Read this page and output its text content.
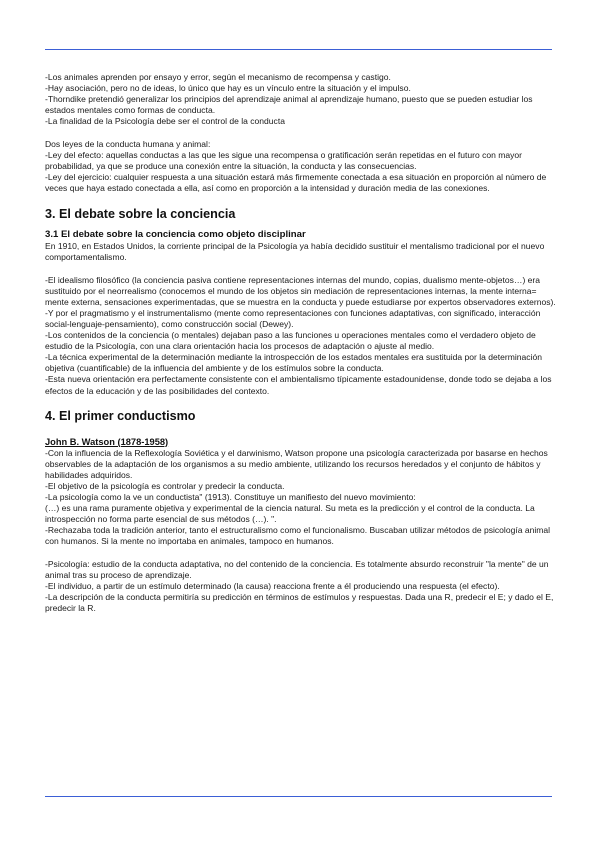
-Los animales aprenden por ensayo y error, según el mecanismo de recompensa y castigo.

-Hay asociación, pero no de ideas, lo único que hay es un vínculo entre la situación y el impulso.

-Thorndike pretendió generalizar los principios del aprendizaje animal al aprendizaje humano, puesto que se pueden estudiar los estados mentales como formas de conducta.

-La finalidad de la Psicología debe ser el control de la conducta

Dos leyes de la conducta humana y animal:

-Ley del efecto: aquellas conductas a las que les sigue una recompensa o gratificación serán repetidas en el futuro con mayor probabilidad, ya que se produce una conexión entre la situación, la conducta y las consecuencias.

-Ley del ejercicio: cualquier respuesta a una situación estará más firmemente conectada a esa situación en proporción al número de veces que haya estado conectada a ella, así como en proporción a la intensidad y duración media de las conexiones.

3. El debate sobre la conciencia
3.1 El debate sobre la conciencia como objeto disciplinar

En 1910, en Estados Unidos, la corriente principal de la Psicología ya había decidido sustituir el mentalismo tradicional por el nuevo comportamentalismo.

-El idealismo filosófico (la conciencia pasiva contiene representaciones internas del mundo, copias, dualismo mente-objetos…) era sustituido por el neorrealismo (conocemos el mundo de los objetos sin mediación de representaciones internas, la mente interna= mente externa, sensaciones experimentadas, que se muestra en la conducta y puede estudiarse por expertos observadores externos).

-Y por el pragmatismo y el instrumentalismo (mente como representaciones con funciones adaptativas, con significado, interacción social-lenguaje-pensamiento), como construcción social (Dewey).

-Los contenidos de la conciencia (o mentales) dejaban paso a las funciones u operaciones mentales como el verdadero objeto de estudio de la Psicología, con una clara orientación hacia los procesos de adaptación o ajuste al medio.

-La técnica experimental de la determinación mediante la introspección de los estados mentales era sustituida por la determinación objetiva (cuantificable) de la influencia del ambiente y de los estímulos sobre la conducta.

-Esta nueva orientación era perfectamente consistente con el ambientalismo típicamente estadounidense, donde todo se dejaba a los efectos de la educación y de las posibilidades del contexto.

4. El primer conductismo
John B. Watson (1878-1958)

-Con la influencia de la Reflexología Soviética y el darwinismo, Watson propone una psicología caracterizada por basarse en hechos observables de la adaptación de los organismos a su medio ambiente, utilizando los recursos heredados y el conjunto de hábitos y habilidades adquiridos.

-El objetivo de la psicología es controlar y predecir la conducta.

-La psicología como la ve un conductista" (1913). Constituye un manifiesto del nuevo movimiento:

(…) es una rama puramente objetiva y experimental de la ciencia natural. Su meta es la predicción y el control de la conducta. La introspección no forma parte esencial de sus métodos (…). ".

-Rechazaba toda la tradición anterior, tanto el estructuralismo como el funcionalismo. Buscaban utilizar métodos de psicología animal con humanos. Si la mente no importaba en animales, tampoco en humanos.

-Psicología: estudio de la conducta adaptativa, no del contenido de la conciencia. Es totalmente absurdo reconstruir "la mente" de un animal tras su proceso de aprendizaje.

-El individuo, a partir de un estímulo determinado (la causa) reacciona frente a él produciendo una respuesta (el efecto).

-La descripción de la conducta permitiría su predicción en términos de estímulos y respuestas. Dada una R, predecir el E; y dado el E, predecir la R.
